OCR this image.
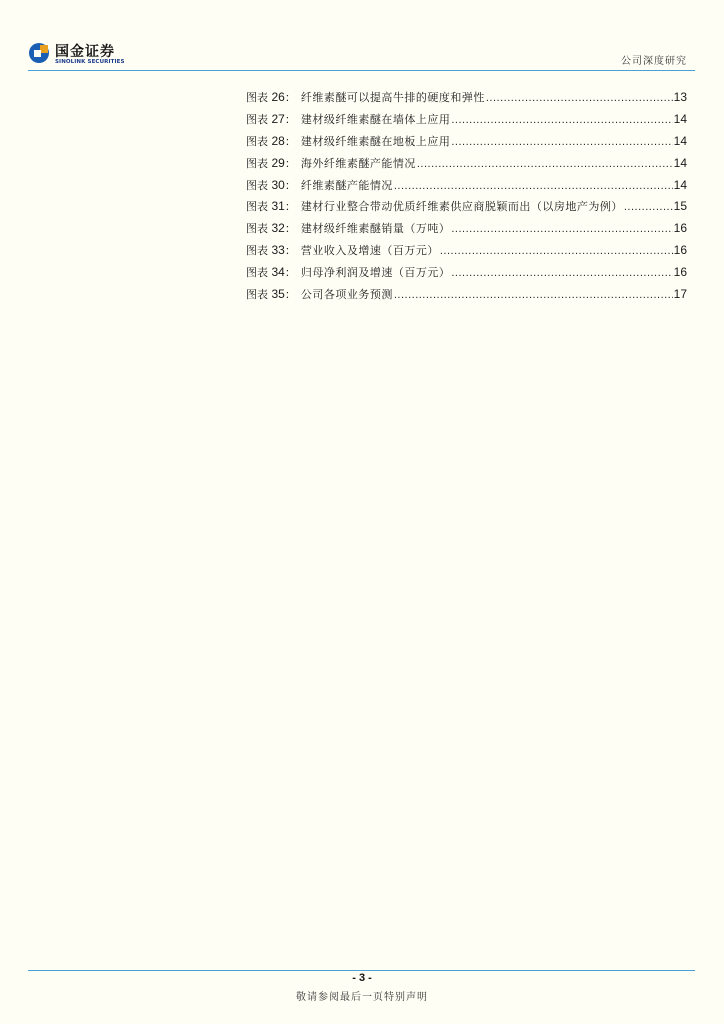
国金证券
SINOLINK SECURITIES	公司深度研究
图表 26： 纤维素醚可以提高牛排的硬度和弹性 .....	13
图表 27： 建材级纤维素醚在墙体上应用 .....	14
图表 28： 建材级纤维素醚在地板上应用 .....	14
图表 29： 海外纤维素醚产能情况 .....	14
图表 30： 纤维素醚产能情况 .....	14
图表 31： 建材行业整合带动优质纤维素供应商脱颖而出（以房地产为例） .....	15
图表 32： 建材级纤维素醚销量（万吨） .....	16
图表 33： 营业收入及增速（百万元） .....	16
图表 34： 归母净利润及增速（百万元） .....	16
图表 35： 公司各项业务预测 .....	17
- 3 -
敬请参阅最后一页特别声明
